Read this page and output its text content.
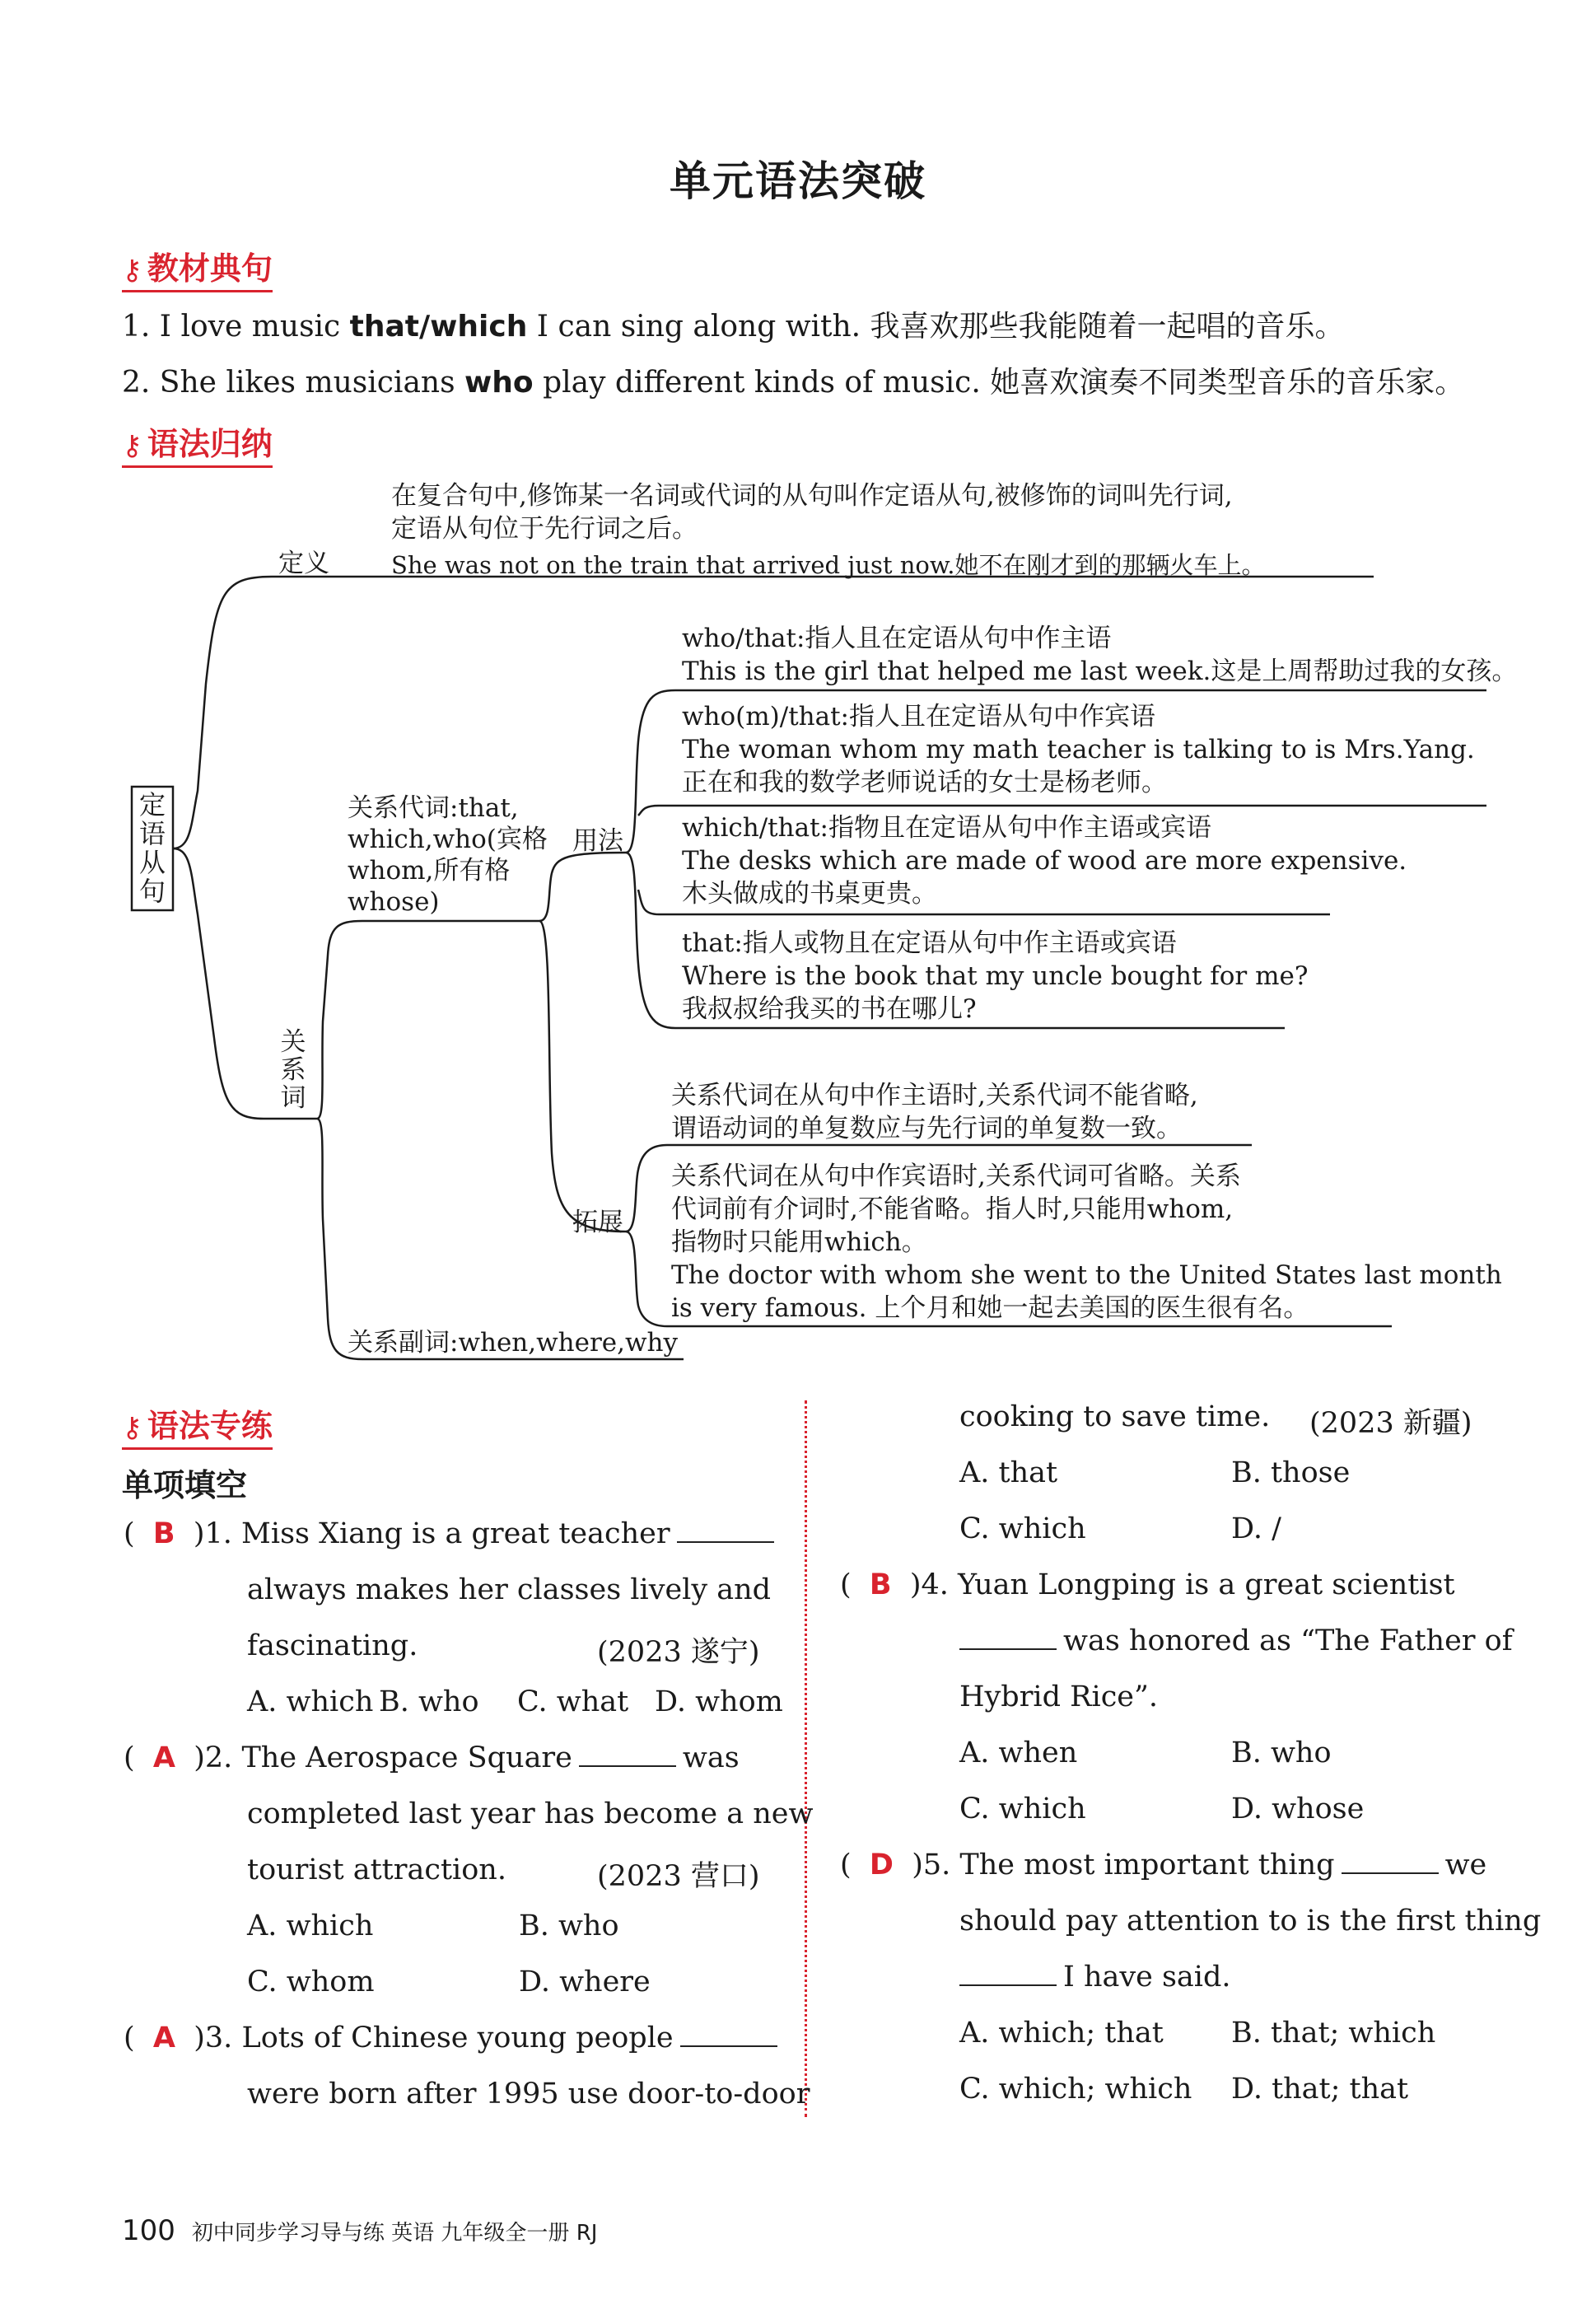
单元语法突破
⚷ 教材典句
1. I love music that/which I can sing along with. 我喜欢那些我能随着一起唱的音乐。
2. She likes musicians who play different kinds of music. 她喜欢演奏不同类型音乐的音乐家。
⚷ 语法归纳
定语从句
定义
在复合句中,修饰某一名词或代词的从句叫作定语从句,被修饰的词叫先行词,
定语从句位于先行词之后。
She was not on the train that arrived just now.她不在刚才到的那辆火车上。
关系词
关系代词:that,
which,who(宾格
whom,所有格
whose)
用法
who/that:指人且在定语从句中作主语
This is the girl that helped me last week.这是上周帮助过我的女孩。
who(m)/that:指人且在定语从句中作宾语
The woman whom my math teacher is talking to is Mrs.Yang.
正在和我的数学老师说话的女士是杨老师。
which/that:指物且在定语从句中作主语或宾语
The desks which are made of wood are more expensive.
木头做成的书桌更贵。
that:指人或物且在定语从句中作主语或宾语
Where is the book that my uncle bought for me?
我叔叔给我买的书在哪儿?
拓展
关系代词在从句中作主语时,关系代词不能省略,
谓语动词的单复数应与先行词的单复数一致。
关系代词在从句中作宾语时,关系代词可省略。关系
代词前有介词时,不能省略。指人时,只能用whom,
指物时只能用which。
The doctor with whom she went to the United States last month
is very famous. 上个月和她一起去美国的医生很有名。
关系副词:when,where,why
⚷ 语法专练
单项填空
(  B  )1. Miss Xiang is a great teacher
always makes her classes lively and
fascinating.	(2023 遂宁)
A. which B. who C. what D. whom
(  A  )2. The Aerospace Square	was
completed last year has become a new
tourist attraction.	(2023 营口)
A. which	B. who
C. whom	D. where
(  A  )3. Lots of Chinese young people
were born after 1995 use door-to-door
cooking to save time. (2023 新疆)
A. that	B. those
C. which	D. /
(  B  )4. Yuan Longping is a great scientist
was honored as “The Father of
Hybrid Rice”.
A. when	B. who
C. which	D. whose
(  D  )5. The most important thing	we
should pay attention to is the first thing
I have said.
A. which; that B. that; which
C. which; which D. that; that
100 初中同步学习导与练 英语 九年级全一册 RJ
